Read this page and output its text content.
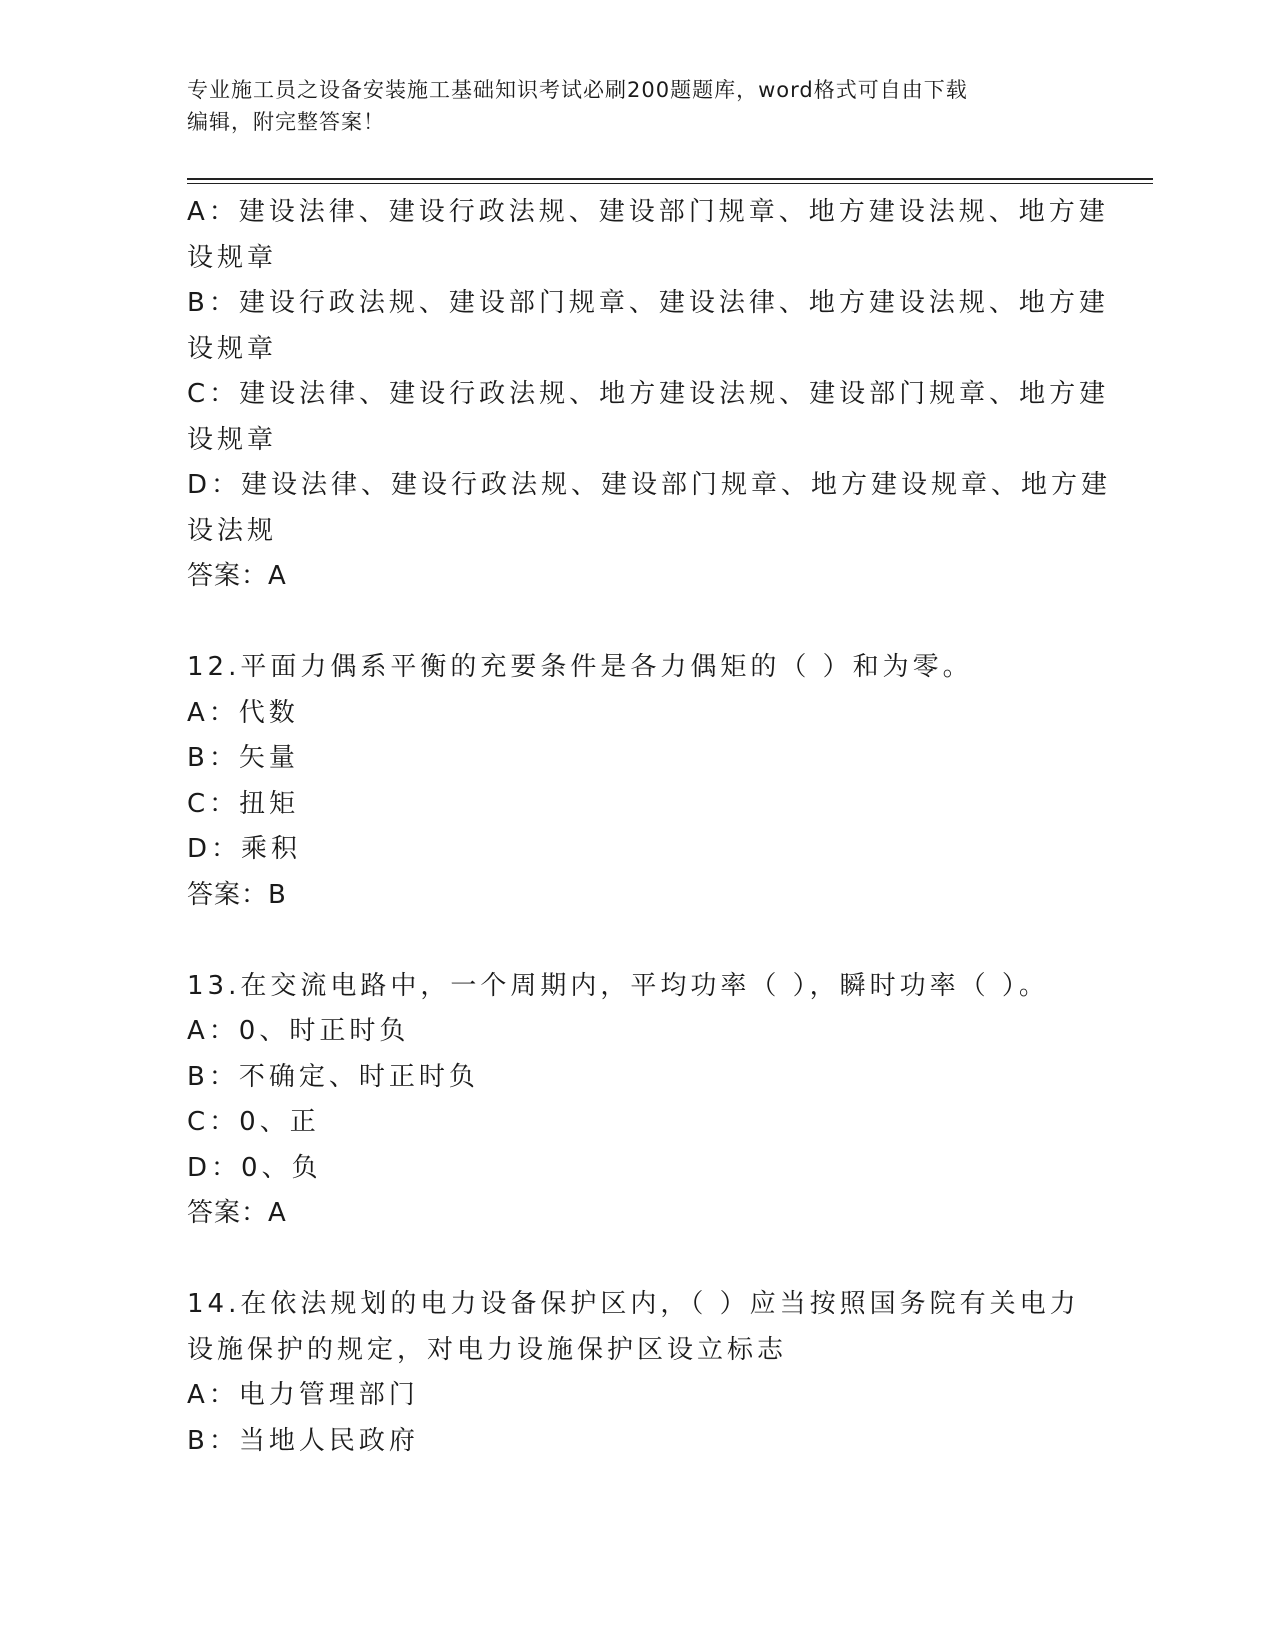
专业施工员之设备安装施工基础知识考试必刷200题题库，word格式可自由下载
编辑，附完整答案！
A：建设法律、建设行政法规、建设部门规章、地方建设法规、地方建
设规章
B：建设行政法规、建设部门规章、建设法律、地方建设法规、地方建
设规章
C：建设法律、建设行政法规、地方建设法规、建设部门规章、地方建
设规章
D：建设法律、建设行政法规、建设部门规章、地方建设规章、地方建
设法规
答案：A
12.平面力偶系平衡的充要条件是各力偶矩的（ ）和为零。
A：代数
B：矢量
C：扭矩
D：乘积
答案：B
13.在交流电路中，一个周期内，平均功率（ ），瞬时功率（ ）。
A：0、时正时负
B：不确定、时正时负
C：0、正
D：0、负
答案：A
14.在依法规划的电力设备保护区内，（ ）应当按照国务院有关电力
设施保护的规定，对电力设施保护区设立标志
A：电力管理部门
B：当地人民政府
